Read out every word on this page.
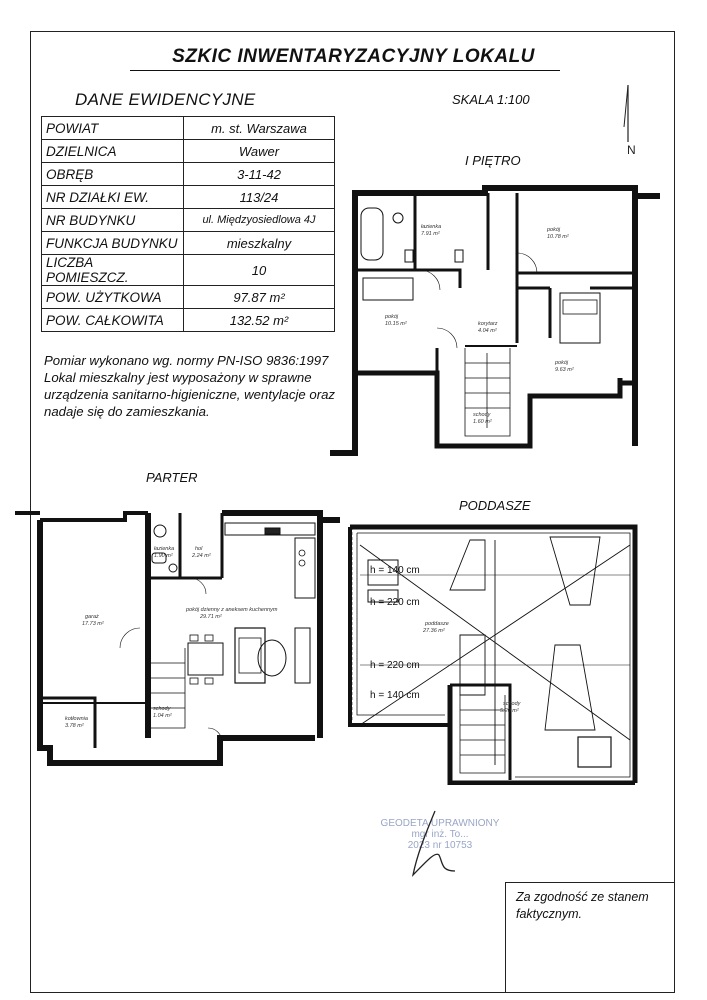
SZKIC INWENTARYZACYJNY LOKALU
DANE EWIDENCYJNE	SKALA 1:100
N
POWIAT	m. st. Warszawa
DZIELNICA	Wawer
OBRĘB	3-11-42
NR DZIAŁKI EW.	113/24
NR BUDYNKU	ul. Międzyosiedlowa 4J
FUNKCJA BUDYNKU	mieszkalny
LICZBA POMIESZCZ.	10
POW. UŻYTKOWA	97.87 m²
POW. CAŁKOWITA	132.52 m²
Pomiar wykonano wg. normy PN-ISO 9836:1997 Lokal mieszkalny jest wyposażony w sprawne urządzenia sanitarno-higieniczne, wentylacje oraz nadaje się do zamieszkania.
I PIĘTRO
łazienka
7.91 m²
pokój
10.78 m²
pokój
10.15 m²	korytarz
4.04 m²
pokój
9.63 m²
schody
1.60 m²
PARTER
garaż
17.73 m²
łazienka
1.90 m²
hol
2.24 m²
pokój dzienny z aneksem kuchennym
29.71 m²
schody
1.04 m²
kotłownia
3.78 m²
PODDASZE
h = 140 cm
h = 220 cm
h = 220 cm
h = 140 cm
poddasze
27.36 m²
schody
5.20 m²
GEODETA UPRAWNIONY
mgr inż. To...
2023 nr 10753
Za zgodność ze stanem faktycznym.
